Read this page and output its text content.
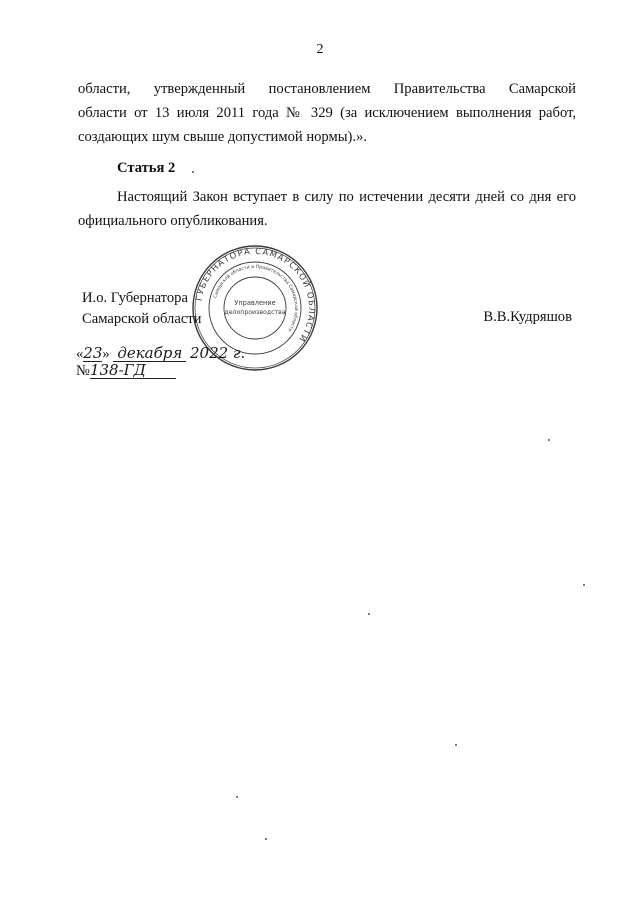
2
области, утвержденный постановлением Правительства Самарской
области от 13 июля 2011 года № 329 (за исключением выполнения работ,
создающих шум свыше допустимой нормы).».
Статья 2
Настоящий Закон вступает в силу по истечении десяти дней со дня его официального опубликования.
И.о. Губернатора
Самарской области	В.В.Кудряшов
ГУБЕРНАТОРА САМАРСКОЙ ОБЛАСТИ
Самарской области и Правительства Самарской области
Управление
делопроизводства
«23» декабря 2022 г.
№138-ГД
